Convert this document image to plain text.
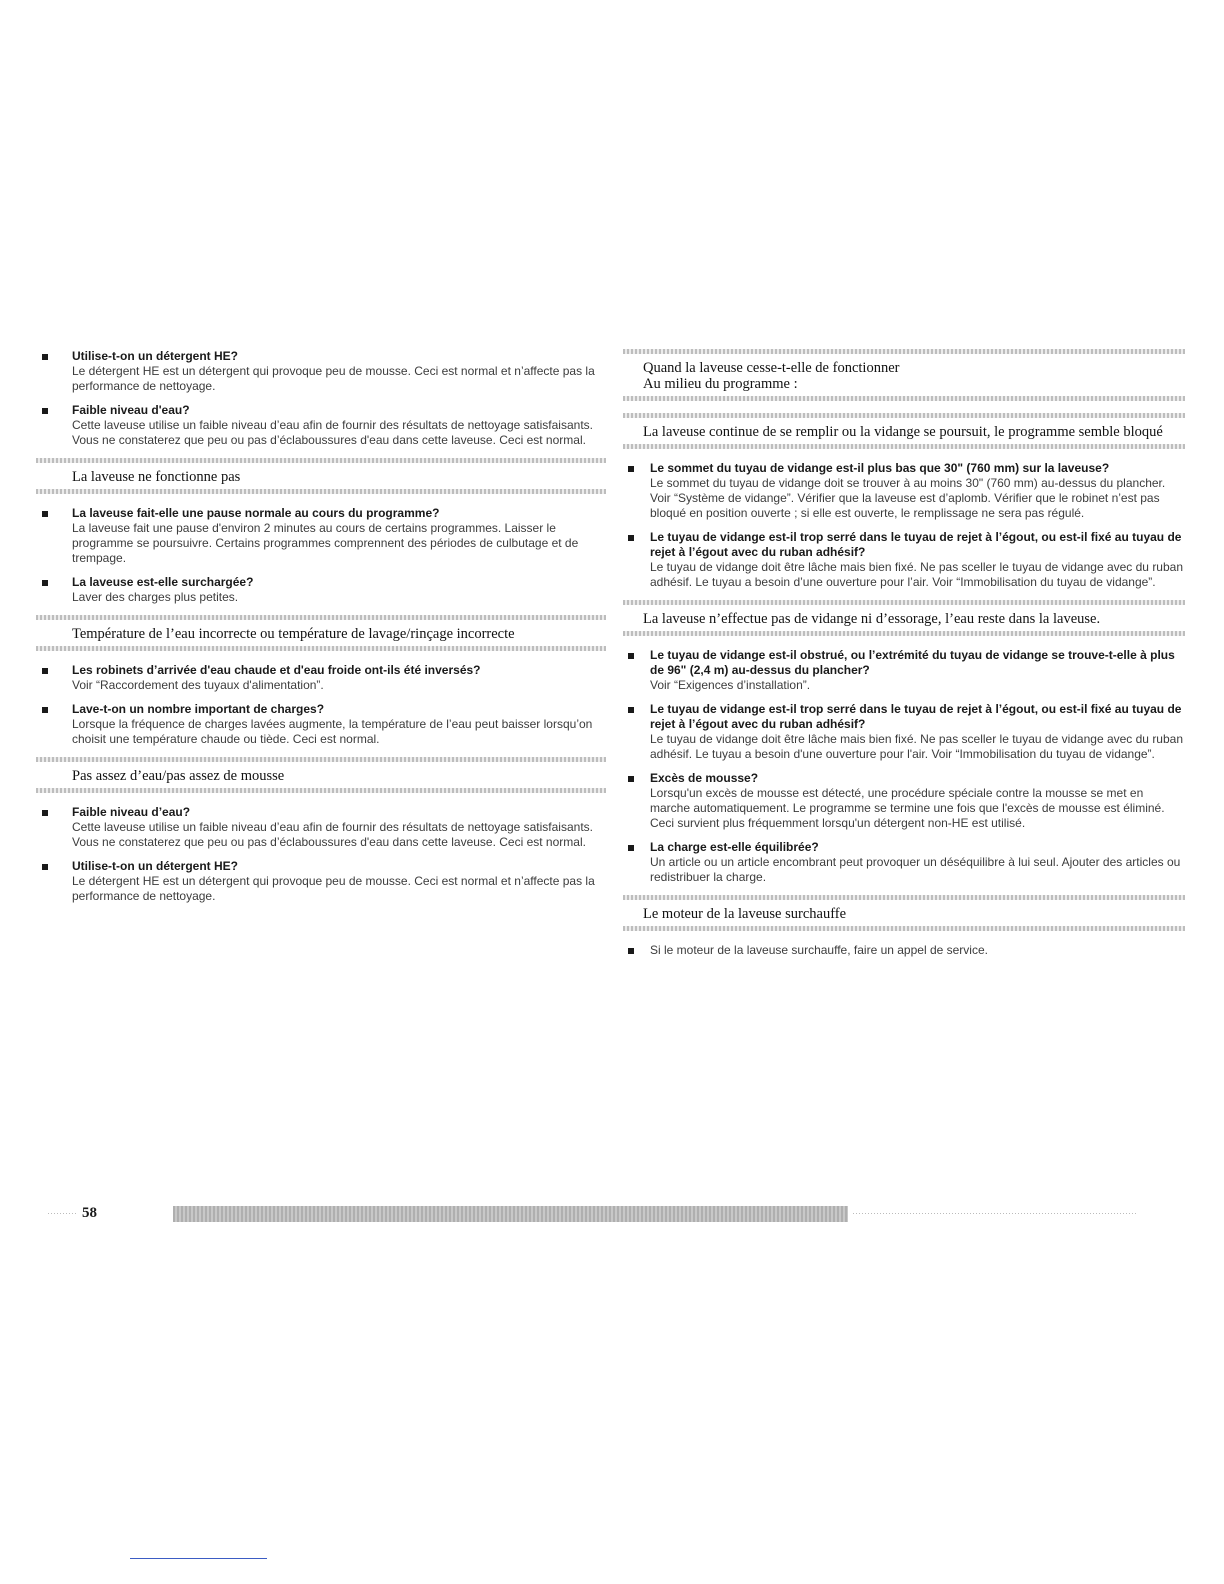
Utilise-t-on un détergent HE?
Le détergent HE est un détergent qui provoque peu de mousse. Ceci est normal et n’affecte pas la performance de nettoyage.
Faible niveau d'eau?
Cette laveuse utilise un faible niveau d’eau afin de fournir des résultats de nettoyage satisfaisants. Vous ne constaterez que peu ou pas d’éclaboussures d'eau dans cette laveuse. Ceci est normal.
La laveuse ne fonctionne pas
La laveuse fait-elle une pause normale au cours du programme?
La laveuse fait une pause d'environ 2 minutes au cours de certains programmes. Laisser le programme se poursuivre. Certains programmes comprennent des périodes de culbutage et de trempage.
La laveuse est-elle surchargée?
Laver des charges plus petites.
Température de l’eau incorrecte ou température de lavage/rinçage incorrecte
Les robinets d’arrivée d'eau chaude et d'eau froide ont-ils été inversés?
Voir “Raccordement des tuyaux d'alimentation”.
Lave-t-on un nombre important de charges?
Lorsque la fréquence de charges lavées augmente, la température de l’eau peut baisser lorsqu’on choisit une température chaude ou tiède. Ceci est normal.
Pas assez d’eau/pas assez de mousse
Faible niveau d’eau?
Cette laveuse utilise un faible niveau d’eau afin de fournir des résultats de nettoyage satisfaisants. Vous ne constaterez que peu ou pas d’éclaboussures d'eau dans cette laveuse. Ceci est normal.
Utilise-t-on un détergent HE?
Le détergent HE est un détergent qui provoque peu de mousse. Ceci est normal et n’affecte pas la performance de nettoyage.
Quand la laveuse cesse-t-elle de fonctionner
Au milieu du programme :
La laveuse continue de se remplir ou la vidange se poursuit, le programme semble bloqué
Le sommet du tuyau de vidange est-il plus bas que 30" (760 mm) sur la laveuse?
Le sommet du tuyau de vidange doit se trouver à au moins 30" (760 mm) au-dessus du plancher. Voir “Système de vidange”. Vérifier que la laveuse est d’aplomb. Vérifier que le robinet n’est pas bloqué en position ouverte ; si elle est ouverte, le remplissage ne sera pas régulé.
Le tuyau de vidange est-il trop serré dans le tuyau de rejet à l’égout, ou est-il fixé au tuyau de rejet à l’égout avec du ruban adhésif?
Le tuyau de vidange doit être lâche mais bien fixé. Ne pas sceller le tuyau de vidange avec du ruban adhésif. Le tuyau a besoin d’une ouverture pour l’air. Voir “Immobilisation du tuyau de vidange”.
La laveuse n’effectue pas de vidange ni d’essorage, l’eau reste dans la laveuse.
Le tuyau de vidange est-il obstrué, ou l’extrémité du tuyau de vidange se trouve-t-elle à plus de 96" (2,4 m) au-dessus du plancher?
Voir “Exigences d’installation”.
Le tuyau de vidange est-il trop serré dans le tuyau de rejet à l’égout, ou est-il fixé au tuyau de rejet à l’égout avec du ruban adhésif?
Le tuyau de vidange doit être lâche mais bien fixé. Ne pas sceller le tuyau de vidange avec du ruban adhésif. Le tuyau a besoin d'une ouverture pour l'air. Voir “Immobilisation du tuyau de vidange”.
Excès de mousse?
Lorsqu'un excès de mousse est détecté, une procédure spéciale contre la mousse se met en marche automatiquement. Le programme se termine une fois que l'excès de mousse est éliminé. Ceci survient plus fréquemment lorsqu'un détergent non-HE est utilisé.
La charge est-elle équilibrée?
Un article ou un article encombrant peut provoquer un déséquilibre à lui seul. Ajouter des articles ou redistribuer la charge.
Le moteur de la laveuse surchauffe
Si le moteur de la laveuse surchauffe, faire un appel de service.
58
